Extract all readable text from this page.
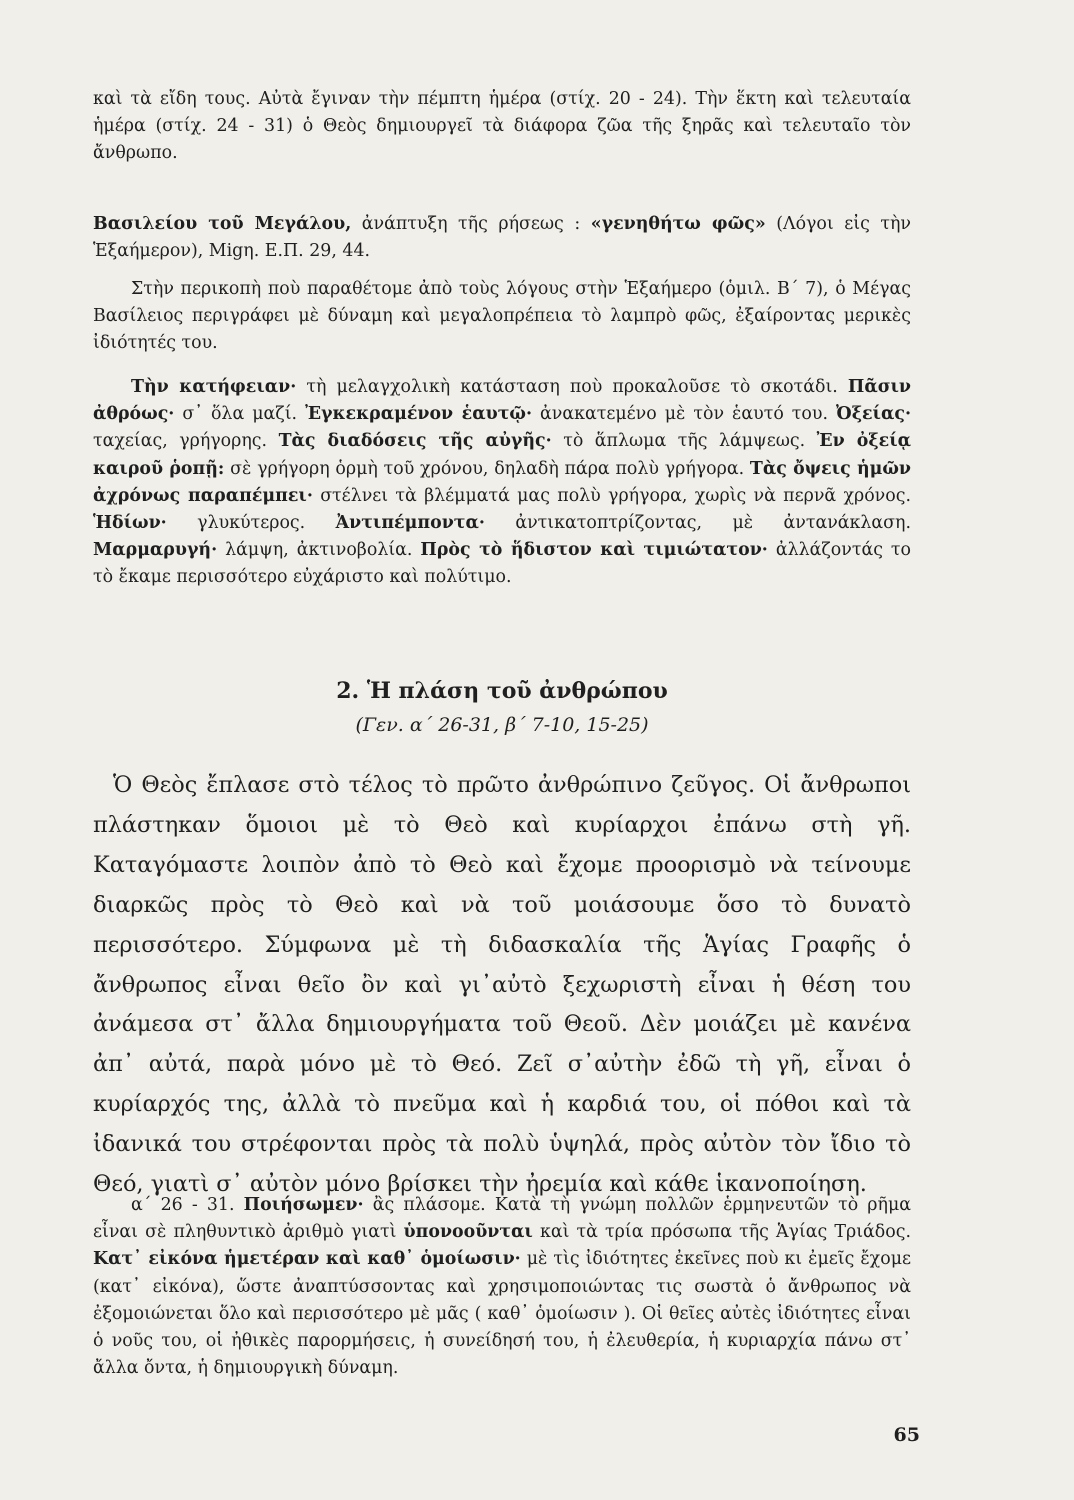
καὶ τὰ εἴδη τους. Αὐτὰ ἔγιναν τὴν πέμπτη ἡμέρα (στίχ. 20 - 24). Τὴν ἕκτη καὶ τελευταία ἡμέρα (στίχ. 24 - 31) ὁ Θεὸς δημιουργεῖ τὰ διάφορα ζῶα τῆς ξηρᾶς καὶ τελευταῖο τὸν ἄνθρωπο.

Βασιλείου τοῦ Μεγάλου, ἀνάπτυξη τῆς ρήσεως : «γενηθήτω φῶς» (Λόγοι εἰς τὴν Ἑξαήμερον), Migη. Ε.Π. 29, 44.

Στὴν περικοπὴ ποὺ παραθέτομε ἀπὸ τοὺς λόγους στὴν Ἑξαήμερο (ὁμιλ. Β´ 7), ὁ Μέγας Βασίλειος περιγράφει μὲ δύναμη καὶ μεγαλοπρέπεια τὸ λαμπρὸ φῶς, ἐξαίροντας μερικὲς ἰδιότητές του.

Τὴν κατήφειαν· τὴ μελαγχολικὴ κατάσταση ποὺ προκαλοῦσε τὸ σκοτάδι. Πᾶσιν ἀθρόως· σ᾽ ὅλα μαζί. Ἐγκεκραμένον ἑαυτῷ· ἀνακατεμένο μὲ τὸν ἑαυτό του. Ὀξείας· ταχείας, γρήγορης. Τὰς διαδόσεις τῆς αὐγῆς· τὸ ἅπλωμα τῆς λάμψεως. Ἐν ὀξείᾳ καιροῦ ῥοπῇ: σὲ γρήγορη ὁρμὴ τοῦ χρόνου, δηλαδὴ πάρα πολὺ γρήγορα. Τὰς ὄψεις ἡμῶν ἀχρόνως παραπέμπει· στέλνει τὰ βλέμματά μας πολὺ γρήγορα, χωρὶς νὰ περνᾶ χρόνος. Ἡδίων· γλυκύτερος. Ἀντιπέμποντα· ἀντικατοπτρίζοντας, μὲ ἀντανάκλαση. Μαρμαρυγή· λάμψη, ἀκτινοβολία. Πρὸς τὸ ἥδιστον καὶ τιμιώτατον· ἀλλάζοντάς το τὸ ἔκαμε περισσότερο εὐχάριστο καὶ πολύτιμο.

2. Ἡ πλάση τοῦ ἀνθρώπου
(Γεν. α´ 26-31, β´ 7-10, 15-25)

Ὁ Θεὸς ἔπλασε στὸ τέλος τὸ πρῶτο ἀνθρώπινο ζεῦγος. Οἱ ἄνθρωποι πλάστηκαν ὅμοιοι μὲ τὸ Θεὸ καὶ κυρίαρχοι ἐπάνω στὴ γῆ. Καταγόμαστε λοιπὸν ἀπὸ τὸ Θεὸ καὶ ἔχομε προορισμὸ νὰ τείνουμε διαρκῶς πρὸς τὸ Θεὸ καὶ νὰ τοῦ μοιάσουμε ὅσο τὸ δυνατὸ περισσότερο. Σύμφωνα μὲ τὴ διδασκαλία τῆς Ἁγίας Γραφῆς ὁ ἄνθρωπος εἶναι θεῖο ὂν καὶ γι᾽αὐτὸ ξεχωριστὴ εἶναι ἡ θέση του ἀνάμεσα στ᾽ ἄλλα δημιουργήματα τοῦ Θεοῦ. Δὲν μοιάζει μὲ κανένα ἀπ᾽ αὐτά, παρὰ μόνο μὲ τὸ Θεό. Ζεῖ σ᾽αὐτὴν ἐδῶ τὴ γῆ, εἶναι ὁ κυρίαρχός της, ἀλλὰ τὸ πνεῦμα καὶ ἡ καρδιά του, οἱ πόθοι καὶ τὰ ἰδανικά του στρέφονται πρὸς τὰ πολὺ ὑψηλά, πρὸς αὐτὸν τὸν ἴδιο τὸ Θεό, γιατὶ σ᾽ αὐτὸν μόνο βρίσκει τὴν ἠρεμία καὶ κάθε ἱκανοποίηση.

α´ 26 - 31. Ποιήσωμεν· ἂς πλάσομε. Κατὰ τὴ γνώμη πολλῶν ἑρμηνευτῶν τὸ ρῆμα εἶναι σὲ πληθυντικὸ ἀριθμὸ γιατὶ ὑπονοοῦνται καὶ τὰ τρία πρόσωπα τῆς Ἁγίας Τριάδος. Κατ᾽ εἰκόνα ἡμετέραν καὶ καθ᾽ ὁμοίωσιν· μὲ τὶς ἰδιότητες ἐκεῖνες ποὺ κι ἐμεῖς ἔχομε (κατ᾽ εἰκόνα), ὥστε ἀναπτύσσοντας καὶ χρησιμοποιώντας τις σωστὰ ὁ ἄνθρωπος νὰ ἐξομοιώνεται ὅλο καὶ περισσότερο μὲ μᾶς ( καθ᾽ ὁμοίωσιν ). Οἱ θεῖες αὐτὲς ἰδιότητες εἶναι ὁ νοῦς του, οἱ ἠθικὲς παρορμήσεις, ἡ συνείδησή του, ἡ ἐλευθερία, ἡ κυριαρχία πάνω στ᾽ ἄλλα ὄντα, ἡ δημιουργικὴ δύναμη.

65
